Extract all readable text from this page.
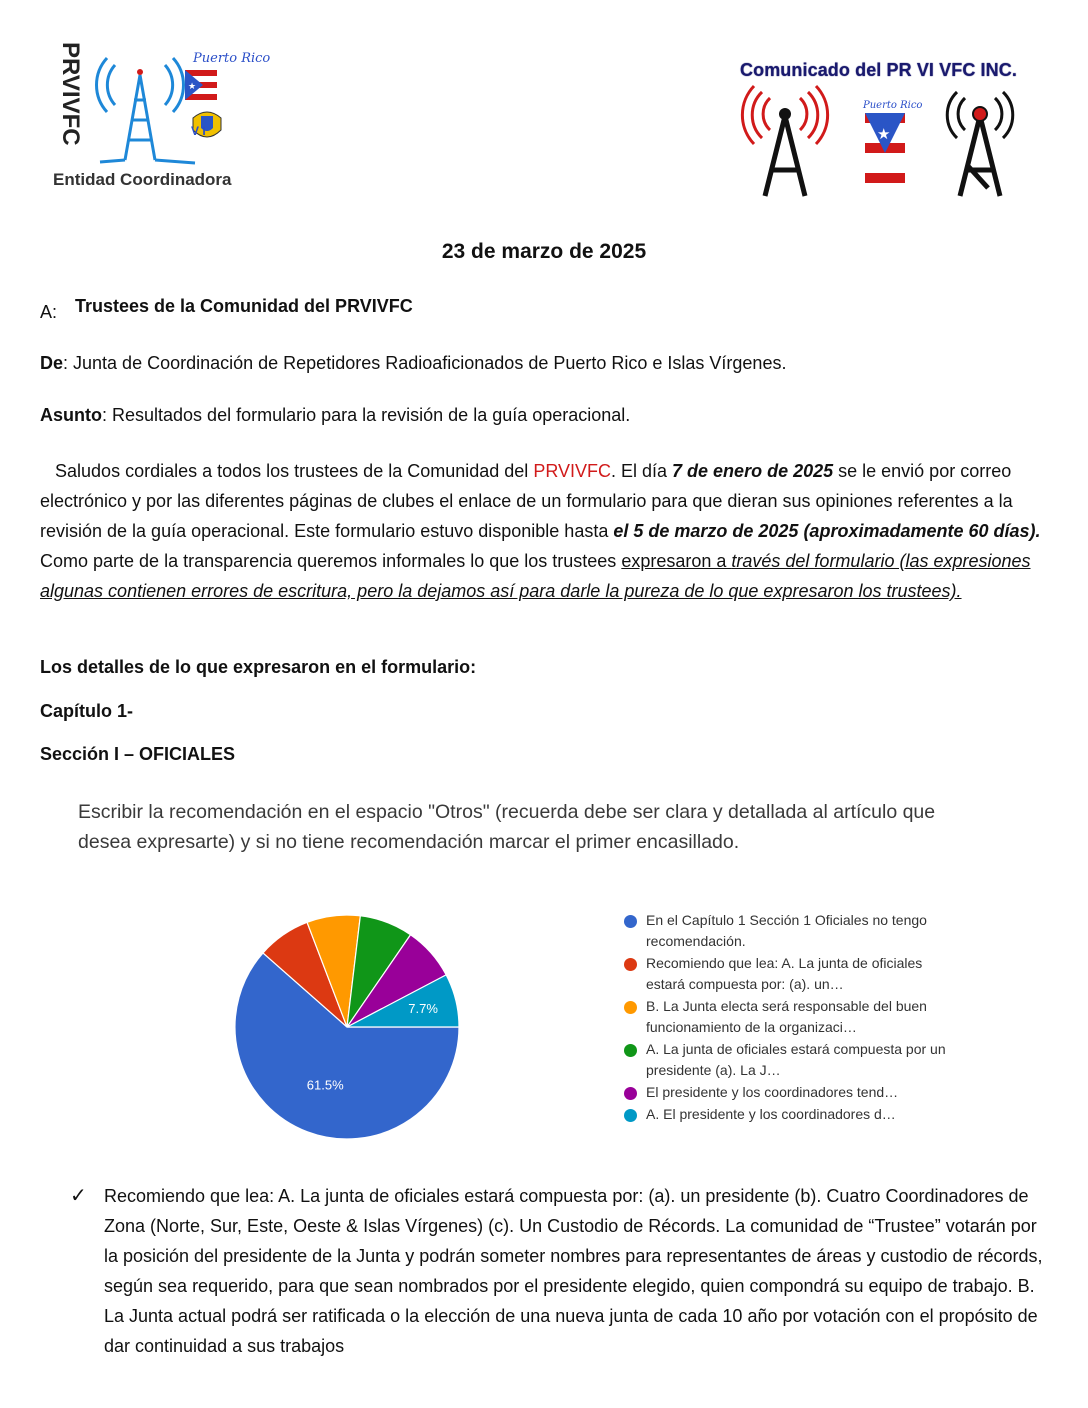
★
Puerto Rico
V I
PRVIVFC
Entidad Coordinadora
Comunicado del PR VI VFC INC.
★
Puerto Rico
23 de marzo de 2025
A: Trustees de la Comunidad del PRVIVFC
De: Junta de Coordinación de Repetidores Radioaficionados de Puerto Rico e Islas Vírgenes.
Asunto: Resultados del formulario para la revisión de la guía operacional.
Saludos cordiales a todos los trustees de la Comunidad del PRVIVFC. El día 7 de enero de 2025 se le envió por correo electrónico y por las diferentes páginas de clubes el enlace de un formulario para que dieran sus opiniones referentes a la revisión de la guía operacional. Este formulario estuvo disponible hasta el 5 de marzo de 2025 (aproximadamente 60 días). Como parte de la transparencia queremos informales lo que los trustees expresaron a través del formulario (las expresiones algunas contienen errores de escritura, pero la dejamos así para darle la pureza de lo que expresaron los trustees).
Los detalles de lo que expresaron en el formulario:
Capítulo 1-
Sección I – OFICIALES
Escribir la recomendación en el espacio "Otros" (recuerda debe ser clara y detallada al artículo que desea expresarte) y si no tiene recomendación marcar el primer encasillado.
61.5%
7.7%
En el Capítulo 1 Sección 1 Oficiales no tengo recomendación.
Recomiendo que lea: A. La junta de oficiales estará compuesta por: (a). un…
B. La Junta electa será responsable del buen funcionamiento de la organizaci…
A. La junta de oficiales estará compuesta por un presidente (a). La J…
El presidente y los coordinadores tend…
A. El presidente y los coordinadores d…
✓ Recomiendo que lea: A. La junta de oficiales estará compuesta por: (a). un presidente (b). Cuatro Coordinadores de Zona (Norte, Sur, Este, Oeste & Islas Vírgenes) (c). Un Custodio de Récords. La comunidad de “Trustee” votarán por la posición del presidente de la Junta y podrán someter nombres para representantes de áreas y custodio de récords, según sea requerido, para que sean nombrados por el presidente elegido, quien compondrá su equipo de trabajo. B. La Junta actual podrá ser ratificada o la elección de una nueva junta de cada 10 año por votación con el propósito de dar continuidad a sus trabajos
